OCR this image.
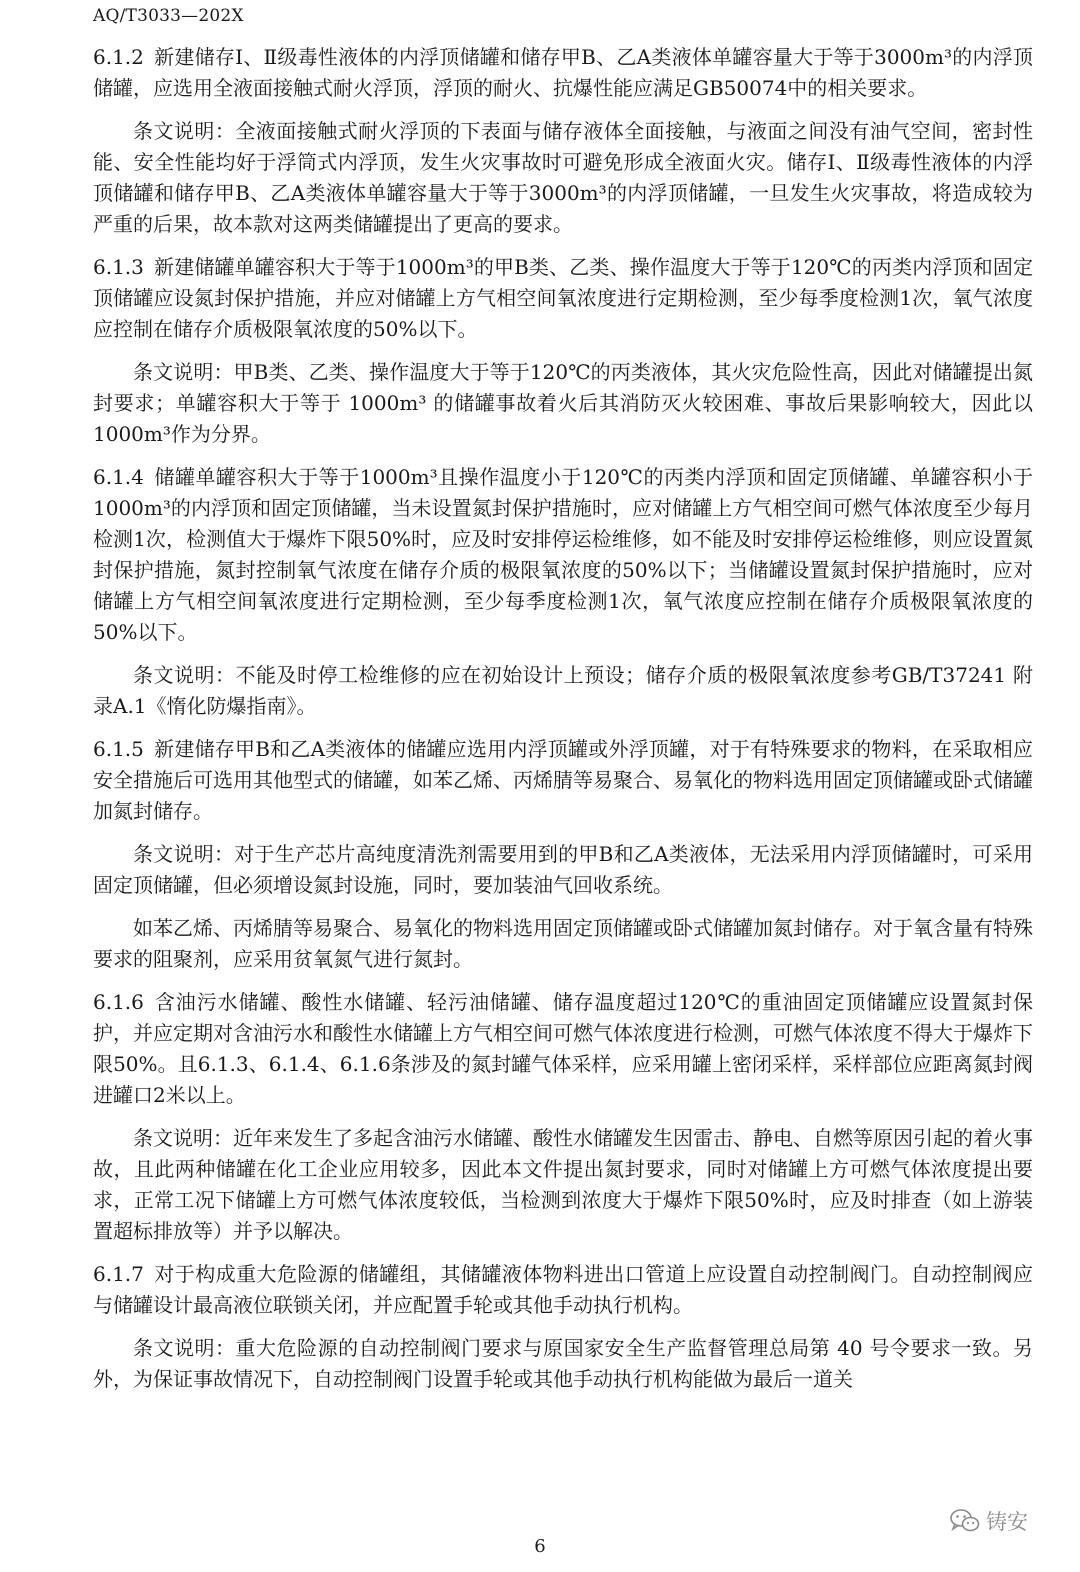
AQ/T3033—202X

6.1.2 新建储存Ⅰ、Ⅱ级毒性液体的内浮顶储罐和储存甲B、乙A类液体单罐容量大于等于3000m³的内浮顶储罐，应选用全液面接触式耐火浮顶，浮顶的耐火、抗爆性能应满足GB50074中的相关要求。

条文说明：全液面接触式耐火浮顶的下表面与储存液体全面接触，与液面之间没有油气空间，密封性能、安全性能均好于浮筒式内浮顶，发生火灾事故时可避免形成全液面火灾。储存Ⅰ、Ⅱ级毒性液体的内浮顶储罐和储存甲B、乙A类液体单罐容量大于等于3000m³的内浮顶储罐，一旦发生火灾事故，将造成较为严重的后果，故本款对这两类储罐提出了更高的要求。

6.1.3 新建储罐单罐容积大于等于1000m³的甲B类、乙类、操作温度大于等于120℃的丙类内浮顶和固定顶储罐应设氮封保护措施，并应对储罐上方气相空间氧浓度进行定期检测，至少每季度检测1次，氧气浓度应控制在储存介质极限氧浓度的50%以下。

条文说明：甲B类、乙类、操作温度大于等于120℃的丙类液体，其火灾危险性高，因此对储罐提出氮封要求；单罐容积大于等于 1000m³ 的储罐事故着火后其消防灭火较困难、事故后果影响较大，因此以1000m³作为分界。

6.1.4 储罐单罐容积大于等于1000m³且操作温度小于120℃的丙类内浮顶和固定顶储罐、单罐容积小于1000m³的内浮顶和固定顶储罐，当未设置氮封保护措施时，应对储罐上方气相空间可燃气体浓度至少每月检测1次，检测值大于爆炸下限50%时，应及时安排停运检维修，如不能及时安排停运检维修，则应设置氮封保护措施，氮封控制氧气浓度在储存介质的极限氧浓度的50%以下；当储罐设置氮封保护措施时，应对储罐上方气相空间氧浓度进行定期检测，至少每季度检测1次，氧气浓度应控制在储存介质极限氧浓度的50%以下。

条文说明：不能及时停工检维修的应在初始设计上预设；储存介质的极限氧浓度参考GB/T37241 附录A.1《惰化防爆指南》。

6.1.5 新建储存甲B和乙A类液体的储罐应选用内浮顶罐或外浮顶罐，对于有特殊要求的物料，在采取相应安全措施后可选用其他型式的储罐，如苯乙烯、丙烯腈等易聚合、易氧化的物料选用固定顶储罐或卧式储罐加氮封储存。

条文说明：对于生产芯片高纯度清洗剂需要用到的甲B和乙A类液体，无法采用内浮顶储罐时，可采用固定顶储罐，但必须增设氮封设施，同时，要加装油气回收系统。

如苯乙烯、丙烯腈等易聚合、易氧化的物料选用固定顶储罐或卧式储罐加氮封储存。对于氧含量有特殊要求的阻聚剂，应采用贫氧氮气进行氮封。

6.1.6 含油污水储罐、酸性水储罐、轻污油储罐、储存温度超过120℃的重油固定顶储罐应设置氮封保护，并应定期对含油污水和酸性水储罐上方气相空间可燃气体浓度进行检测，可燃气体浓度不得大于爆炸下限50%。且6.1.3、6.1.4、6.1.6条涉及的氮封罐气体采样，应采用罐上密闭采样，采样部位应距离氮封阀进罐口2米以上。

条文说明：近年来发生了多起含油污水储罐、酸性水储罐发生因雷击、静电、自燃等原因引起的着火事故，且此两种储罐在化工企业应用较多，因此本文件提出氮封要求，同时对储罐上方可燃气体浓度提出要求，正常工况下储罐上方可燃气体浓度较低，当检测到浓度大于爆炸下限50%时，应及时排查（如上游装置超标排放等）并予以解决。

6.1.7 对于构成重大危险源的储罐组，其储罐液体物料进出口管道上应设置自动控制阀门。自动控制阀应与储罐设计最高液位联锁关闭，并应配置手轮或其他手动执行机构。

条文说明：重大危险源的自动控制阀门要求与原国家安全生产监督管理总局第 40 号令要求一致。另外，为保证事故情况下，自动控制阀门设置手轮或其他手动执行机构能做为最后一道关

铸安
6
